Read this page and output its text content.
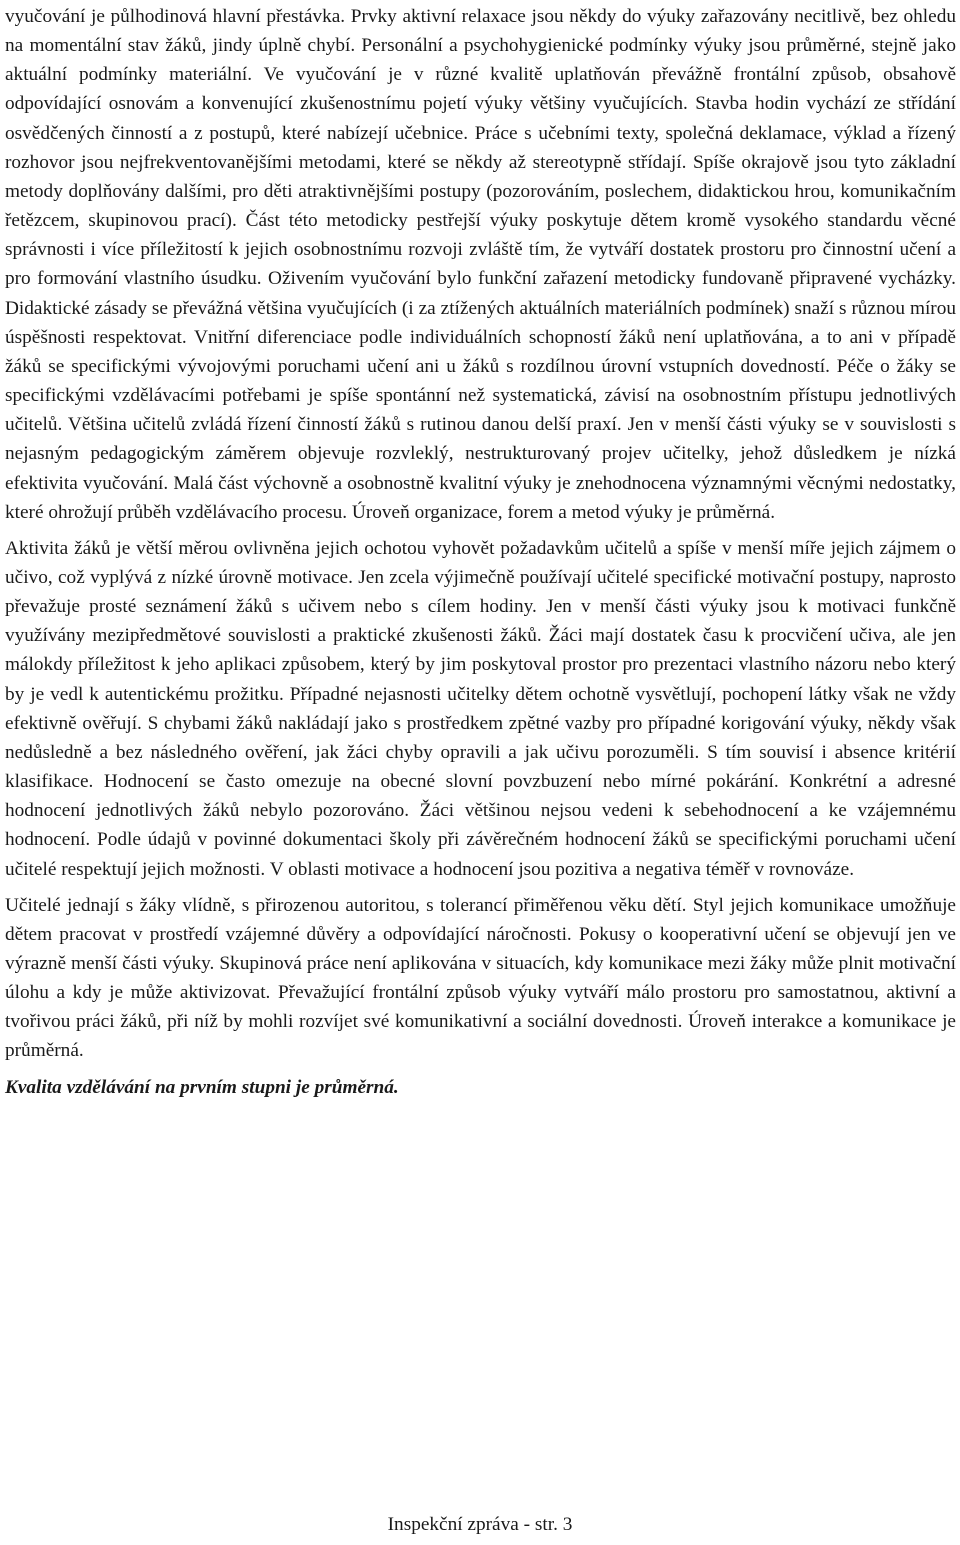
vyučování je půlhodinová hlavní přestávka. Prvky aktivní relaxace jsou někdy do výuky zařazovány necitlivě, bez ohledu na momentální stav žáků, jindy úplně chybí. Personální a psychohygienické podmínky výuky jsou průměrné, stejně jako aktuální podmínky materiální. Ve vyučování je v různé kvalitě uplatňován převážně frontální způsob, obsahově odpovídající osnovám a konvenující zkušenostnímu pojetí výuky většiny vyučujících. Stavba hodin vychází ze střídání osvědčených činností a z postupů, které nabízejí učebnice. Práce s učebními texty, společná deklamace, výklad a řízený rozhovor jsou nejfrekventovanějšími metodami, které se někdy až stereotypně střídají. Spíše okrajově jsou tyto základní metody doplňovány dalšími, pro děti atraktivnějšími postupy (pozorováním, poslechem, didaktickou hrou, komunikačním řetězcem, skupinovou prací). Část této metodicky pestřejší výuky poskytuje dětem kromě vysokého standardu věcné správnosti i více příležitostí k jejich osobnostnímu rozvoji zvláště tím, že vytváří dostatek prostoru pro činnostní učení a pro formování vlastního úsudku. Oživením vyučování bylo funkční zařazení metodicky fundovaně připravené vycházky. Didaktické zásady se převážná většina vyučujících (i za ztížených aktuálních materiálních podmínek) snaží s různou mírou úspěšnosti respektovat. Vnitřní diferenciace podle individuálních schopností žáků není uplatňována, a to ani v případě žáků se specifickými vývojovými poruchami učení ani u žáků s rozdílnou úrovní vstupních dovedností. Péče o žáky se specifickými vzdělávacími potřebami je spíše spontánní než systematická, závisí na osobnostním přístupu jednotlivých učitelů. Většina učitelů zvládá řízení činností žáků s rutinou danou delší praxí. Jen v menší části výuky se v souvislosti s nejasným pedagogickým záměrem objevuje rozvleklý, nestrukturovaný projev učitelky, jehož důsledkem je nízká efektivita vyučování. Malá část výchovně a osobnostně kvalitní výuky je znehodnocena významnými věcnými nedostatky, které ohrožují průběh vzdělávacího procesu. Úroveň organizace, forem a metod výuky je průměrná.

Aktivita žáků je větší měrou ovlivněna jejich ochotou vyhovět požadavkům učitelů a spíše v menší míře jejich zájmem o učivo, což vyplývá z nízké úrovně motivace. Jen zcela výjimečně používají učitelé specifické motivační postupy, naprosto převažuje prosté seznámení žáků s učivem nebo s cílem hodiny. Jen v menší části výuky jsou k motivaci funkčně využívány mezipředmětové souvislosti a praktické zkušenosti žáků. Žáci mají dostatek času k procvičení učiva, ale jen málokdy příležitost k jeho aplikaci způsobem, který by jim poskytoval prostor pro prezentaci vlastního názoru nebo který by je vedl k autentickému prožitku. Případné nejasnosti učitelky dětem ochotně vysvětlují, pochopení látky však ne vždy efektivně ověřují. S chybami žáků nakládají jako s prostředkem zpětné vazby pro případné korigování výuky, někdy však nedůsledně a bez následného ověření, jak žáci chyby opravili a jak učivu porozuměli. S tím souvisí i absence kritérií klasifikace. Hodnocení se často omezuje na obecné slovní povzbuzení nebo mírné pokárání. Konkrétní a adresné hodnocení jednotlivých žáků nebylo pozorováno. Žáci většinou nejsou vedeni k sebehodnocení a ke vzájemnému hodnocení. Podle údajů v povinné dokumentaci školy při závěrečném hodnocení žáků se specifickými poruchami učení učitelé respektují jejich možnosti. V oblasti motivace a hodnocení jsou pozitiva a negativa téměř v rovnováze.

Učitelé jednají s žáky vlídně, s přirozenou autoritou, s tolerancí přiměřenou věku dětí. Styl jejich komunikace umožňuje dětem pracovat v prostředí vzájemné důvěry a odpovídající náročnosti. Pokusy o kooperativní učení se objevují jen ve výrazně menší části výuky. Skupinová práce není aplikována v situacích, kdy komunikace mezi žáky může plnit motivační úlohu a kdy je může aktivizovat. Převažující frontální způsob výuky vytváří málo prostoru pro samostatnou, aktivní a tvořivou práci žáků, při níž by mohli rozvíjet své komunikativní a sociální dovednosti. Úroveň interakce a komunikace je průměrná.

Kvalita vzdělávání na prvním stupni je průměrná.

Inspekční zpráva - str. 3
